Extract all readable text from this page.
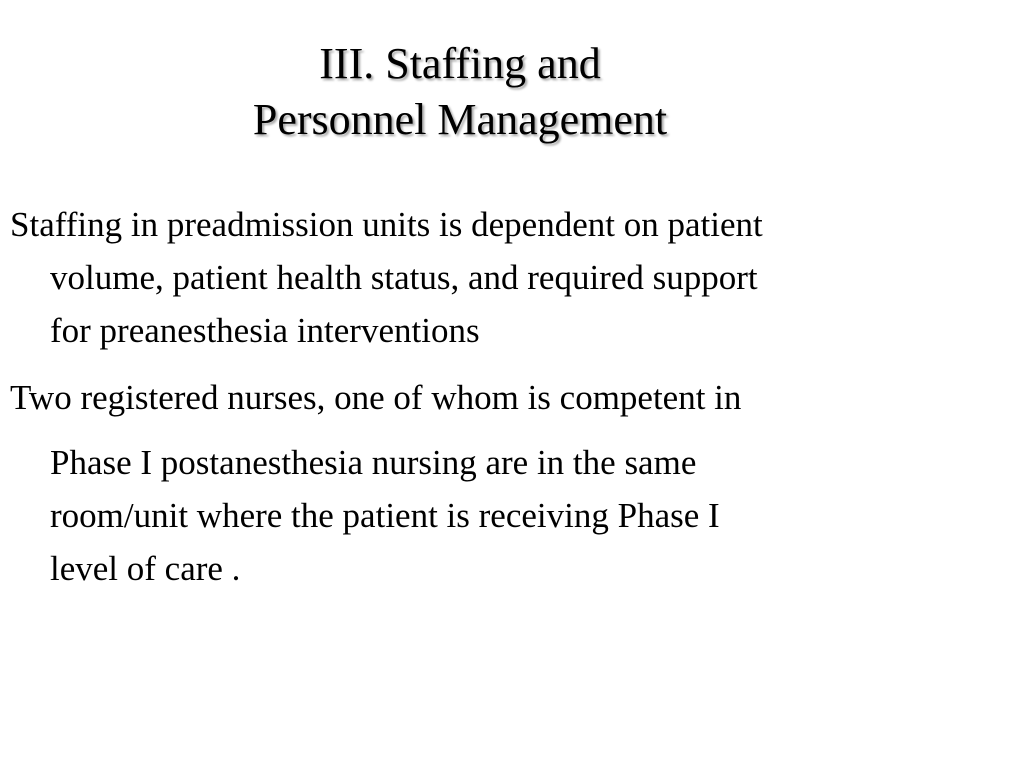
III. Staffing and
Personnel Management

Staffing in preadmission units is dependent on patient
volume, patient health status, and required support
for preanesthesia interventions

Two registered nurses, one of whom is competent in
Phase I postanesthesia nursing are in the same
room/unit where the patient is receiving Phase I
level of care .
